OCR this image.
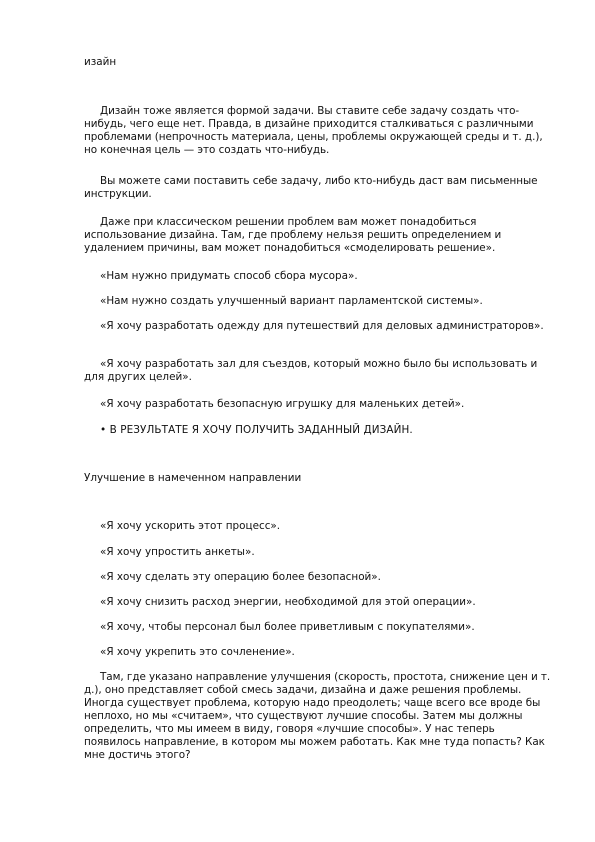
изайн

Дизайн тоже является формой задачи. Вы ставите себе задачу создать что-нибудь, чего еще нет. Правда, в дизайне приходится сталкиваться с различными проблемами (непрочность материала, цены, проблемы окружающей среды и т. д.), но конечная цель — это создать что-нибудь.

Вы можете сами поставить себе задачу, либо кто-нибудь даст вам письменные инструкции.

Даже при классическом решении проблем вам может понадобиться использование дизайна. Там, где проблему нельзя решить определением и удалением причины, вам может понадобиться «смоделировать решение».

«Нам нужно придумать способ сбора мусора».

«Нам нужно создать улучшенный вариант парламентской системы».

«Я хочу разработать одежду для путешествий для деловых администраторов».

«Я хочу разработать зал для съездов, который можно было бы использовать и для других целей».

«Я хочу разработать безопасную игрушку для маленьких детей».

• В РЕЗУЛЬТАТЕ Я ХОЧУ ПОЛУЧИТЬ ЗАДАННЫЙ ДИЗАЙН.

Улучшение в намеченном направлении

«Я хочу ускорить этот процесс».

«Я хочу упростить анкеты».

«Я хочу сделать эту операцию более безопасной».

«Я хочу снизить расход энергии, необходимой для этой операции».

«Я хочу, чтобы персонал был более приветливым с покупателями».

«Я хочу укрепить это сочленение».

Там, где указано направление улучшения (скорость, простота, снижение цен и т. д.), оно представляет собой смесь задачи, дизайна и даже решения проблемы. Иногда существует проблема, которую надо преодолеть; чаще всего все вроде бы неплохо, но мы «считаем», что существуют лучшие способы. Затем мы должны определить, что мы имеем в виду, говоря «лучшие способы». У нас теперь появилось направление, в котором мы можем работать. Как мне туда попасть? Как мне достичь этого?
